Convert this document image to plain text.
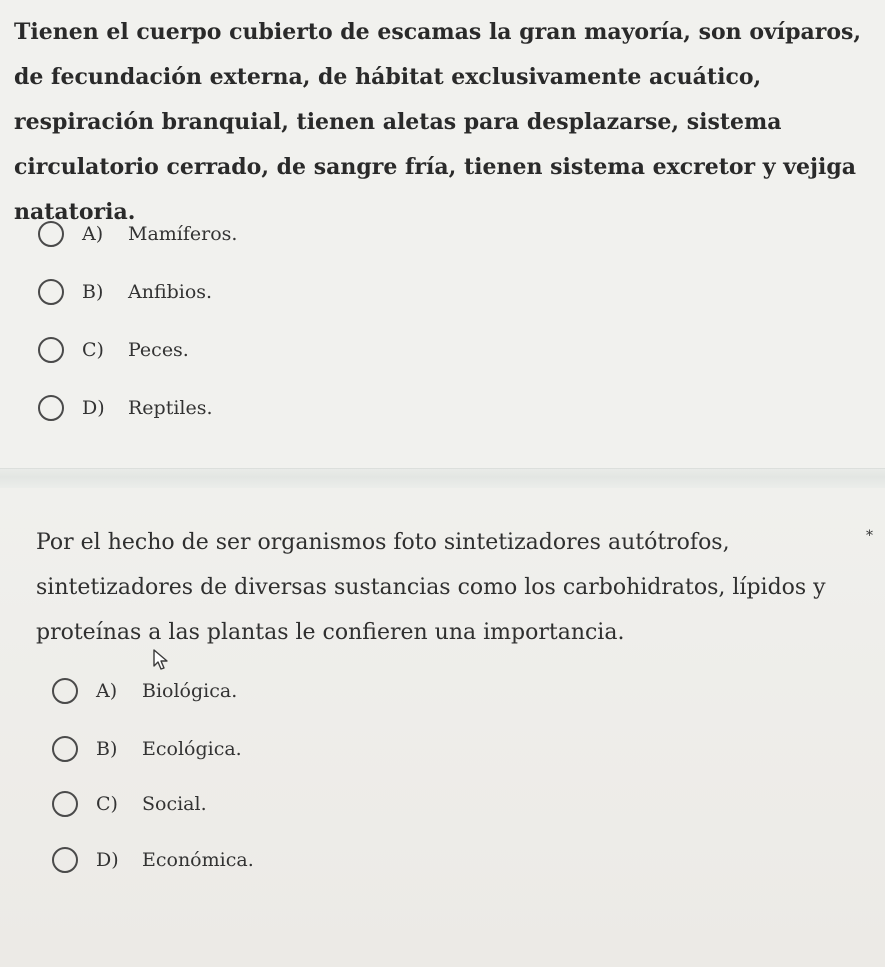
Tienen el cuerpo cubierto de escamas la gran mayoría, son ovíparos, de fecundación externa, de hábitat exclusivamente acuático, respiración branquial, tienen aletas para desplazarse, sistema circulatorio cerrado, de sangre fría, tienen sistema excretor y vejiga natatoria.

A)	Mamíferos.
B)	Anfibios.
C)	Peces.
D)	Reptiles.

Por el hecho de ser organismos foto sintetizadores autótrofos, sintetizadores de diversas sustancias como los carbohidratos, lípidos y proteínas a las plantas le confieren una importancia.

*
A)	Biológica.
B)	Ecológica.
C)	Social.
D)	Económica.
